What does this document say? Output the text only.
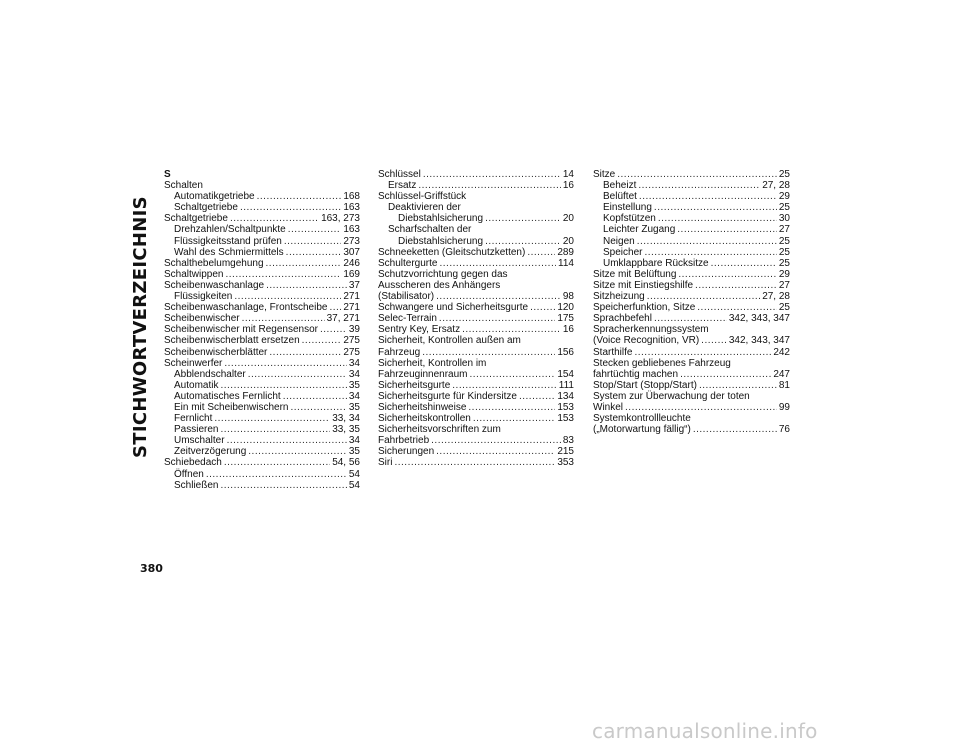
STICHWORTVERZEICHNIS
S
Schalten
Automatikgetriebe .....	168
Schaltgetriebe .....	163
Schaltgetriebe .....	163, 273
Drehzahlen/Schaltpunkte .....	163
Flüssigkeitsstand prüfen .....	273
Wahl des Schmiermittels .....	307
Schalthebelumgehung .....	246
Schaltwippen .....	169
Scheibenwaschanlage .....	37
Flüssigkeiten .....	271
Scheibenwaschanlage, Frontscheibe ..... 271
Scheibenwischer .....	37, 271
Scheibenwischer mit Regensensor .....	39
Scheibenwischerblatt ersetzen .....	275
Scheibenwischerblätter .....	275
Scheinwerfer .....	34
Abblendschalter .....	34
Automatik .....	35
Automatisches Fernlicht .....	34
Ein mit Scheibenwischern .....	35
Fernlicht .....	33, 34
Passieren .....	33, 35
Umschalter .....	34
Zeitverzögerung .....	35
Schiebedach .....	54, 56
Öffnen .....	54
Schließen .....	54
Schlüssel .....	14
Ersatz .....	16
Schlüssel-Griffstück
Deaktivieren der
Diebstahlsicherung .....	20
Scharfschalten der
Diebstahlsicherung .....	20
Schneeketten (Gleitschutzketten) .....	289
Schultergurte .....	114
Schutzvorrichtung gegen das
Ausscheren des Anhängers
(Stabilisator) .....	98
Schwangere und Sicherheitsgurte .....	120
Selec-Terrain .....	175
Sentry Key, Ersatz .....	16
Sicherheit, Kontrollen außen am
Fahrzeug .....	156
Sicherheit, Kontrollen im
Fahrzeuginnenraum .....	154
Sicherheitsgurte .....	111
Sicherheitsgurte für Kindersitze .....	134
Sicherheitshinweise .....	153
Sicherheitskontrollen .....	153
Sicherheitsvorschriften zum
Fahrbetrieb .....	83
Sicherungen .....	215
Siri .....	353
Sitze .....	25
Beheizt .....	27, 28
Belüftet .....	29
Einstellung .....	25
Kopfstützen .....	30
Leichter Zugang .....	27
Neigen .....	25
Speicher .....	25
Umklappbare Rücksitze .....	25
Sitze mit Belüftung .....	29
Sitze mit Einstiegshilfe .....	27
Sitzheizung .....	27, 28
Speicherfunktion, Sitze .....	25
Sprachbefehl .....	342, 343, 347
Spracherkennungssystem
(Voice Recognition, VR) .....	342, 343, 347
Starthilfe .....	242
Stecken gebliebenes Fahrzeug
fahrtüchtig machen .....	247
Stop/Start (Stopp/Start) .....	81
System zur Überwachung der toten
Winkel .....	99
Systemkontrollleuchte
(„Motorwartung fällig“) .....	76
380
carmanualsonline.info
